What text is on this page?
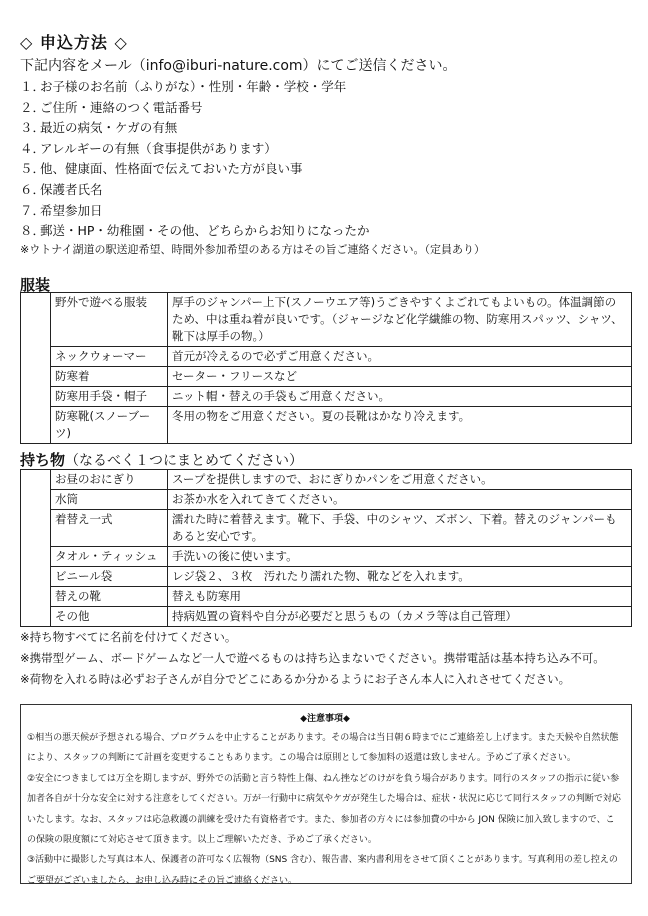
◇ 申込方法 ◇
下記内容をメール（info@iburi-nature.com）にてご送信ください。
１．お子様のお名前（ふりがな）・性別・年齢・学校・学年
２．ご住所・連絡のつく電話番号
３．最近の病気・ケガの有無
４．アレルギーの有無（食事提供があります）
５．他、健康面、性格面で伝えておいた方が良い事
６．保護者氏名
７．希望参加日
８．郵送・HP・幼稚園・その他、どちらからお知りになったか
※ウトナイ湖道の駅送迎希望、時間外参加希望のある方はその旨ご連絡ください。（定員あり）
服装
	野外で遊べる服装	厚手のジャンパー上下(スノーウエア等)うごきやすくよごれてもよいもの。体温調節のため、中は重ね着が良いです。（ジャージなど化学繊維の物、防寒用スパッツ、シャツ、靴下は厚手の物。）
	ネックウォーマー	首元が冷えるので必ずご用意ください。
	防寒着	セーター・フリースなど
	防寒用手袋・帽子	ニット帽・替えの手袋もご用意ください。
	防寒靴(スノーブーツ)	冬用の物をご用意ください。夏の長靴はかなり冷えます。
持ち物（なるべく１つにまとめてください）
	お昼のおにぎり	スープを提供しますので、おにぎりかパンをご用意ください。
	水筒	お茶か水を入れてきてください。
	着替え一式	濡れた時に着替えます。靴下、手袋、中のシャツ、ズボン、下着。替えのジャンパーもあると安心です。
	タオル・ティッシュ	手洗いの後に使います。
	ビニール袋	レジ袋２、３枚　汚れたり濡れた物、靴などを入れます。
	替えの靴	替えも防寒用
	その他	持病処置の資料や自分が必要だと思うもの（カメラ等は自己管理）
※持ち物すべてに名前を付けてください。
※携帯型ゲーム、ボードゲームなど一人で遊べるものは持ち込まないでください。携帯電話は基本持ち込み不可。
※荷物を入れる時は必ずお子さんが自分でどこにあるか分かるようにお子さん本人に入れさせてください。
◆注意事項◆

①相当の悪天候が予想される場合、プログラムを中止することがあります。その場合は当日朝６時までにご連絡差し上げます。また天候や自然状態により、スタッフの判断にて計画を変更することもあります。この場合は原則として参加料の返還は致しません。予めご了承ください。

②安全につきましては万全を期しますが、野外での活動と言う特性上傷、ねん挫などのけがを負う場合があります。同行のスタッフの指示に従い参加者各自が十分な安全に対する注意をしてください。万が一行動中に病気やケガが発生した場合は、症状・状況に応じて同行スタッフの判断で対応いたします。なお、スタッフは応急救護の訓練を受けた有資格者です。また、参加者の方々には参加費の中から JON 保険に加入致しますので、この保険の限度額にて対応させて頂きます。以上ご理解いただき、予めご了承ください。

③活動中に撮影した写真は本人、保護者の許可なく広報物（SNS 含む）、報告書、案内書利用をさせて頂くことがあります。写真利用の差し控えのご要望がございましたら、お申し込み時にその旨ご連絡ください。
